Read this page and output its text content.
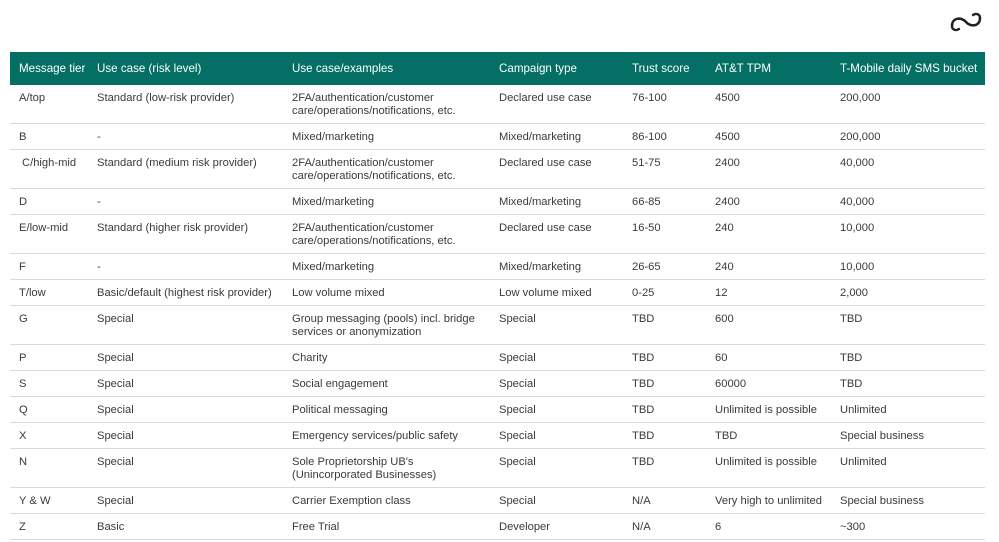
Message tier	Use case (risk level)	Use case/examples	Campaign type	Trust score	AT&T TPM	T-Mobile daily SMS bucket
A/top	Standard (low-risk provider)	2FA/authentication/customer care/operations/notifications, etc.	Declared use case	76-100	4500	200,000
B	-	Mixed/marketing	Mixed/marketing	86-100	4500	200,000
C/high-mid	Standard (medium risk provider)	2FA/authentication/customer care/operations/notifications, etc.	Declared use case	51-75	2400	40,000
D	-	Mixed/marketing	Mixed/marketing	66-85	2400	40,000
E/low-mid	Standard (higher risk provider)	2FA/authentication/customer care/operations/notifications, etc.	Declared use case	16-50	240	10,000
F	-	Mixed/marketing	Mixed/marketing	26-65	240	10,000
T/low	Basic/default (highest risk provider)	Low volume mixed	Low volume mixed	0-25	12	2,000
G	Special	Group messaging (pools) incl. bridge services or anonymization	Special	TBD	600	TBD
P	Special	Charity	Special	TBD	60	TBD
S	Special	Social engagement	Special	TBD	60000	TBD
Q	Special	Political messaging	Special	TBD	Unlimited is possible	Unlimited
X	Special	Emergency services/public safety	Special	TBD	TBD	Special business
N	Special	Sole Proprietorship UB's (Unincorporated Businesses)	Special	TBD	Unlimited is possible	Unlimited
Y & W	Special	Carrier Exemption class	Special	N/A	Very high to unlimited	Special business
Z	Basic	Free Trial	Developer	N/A	6	~300
